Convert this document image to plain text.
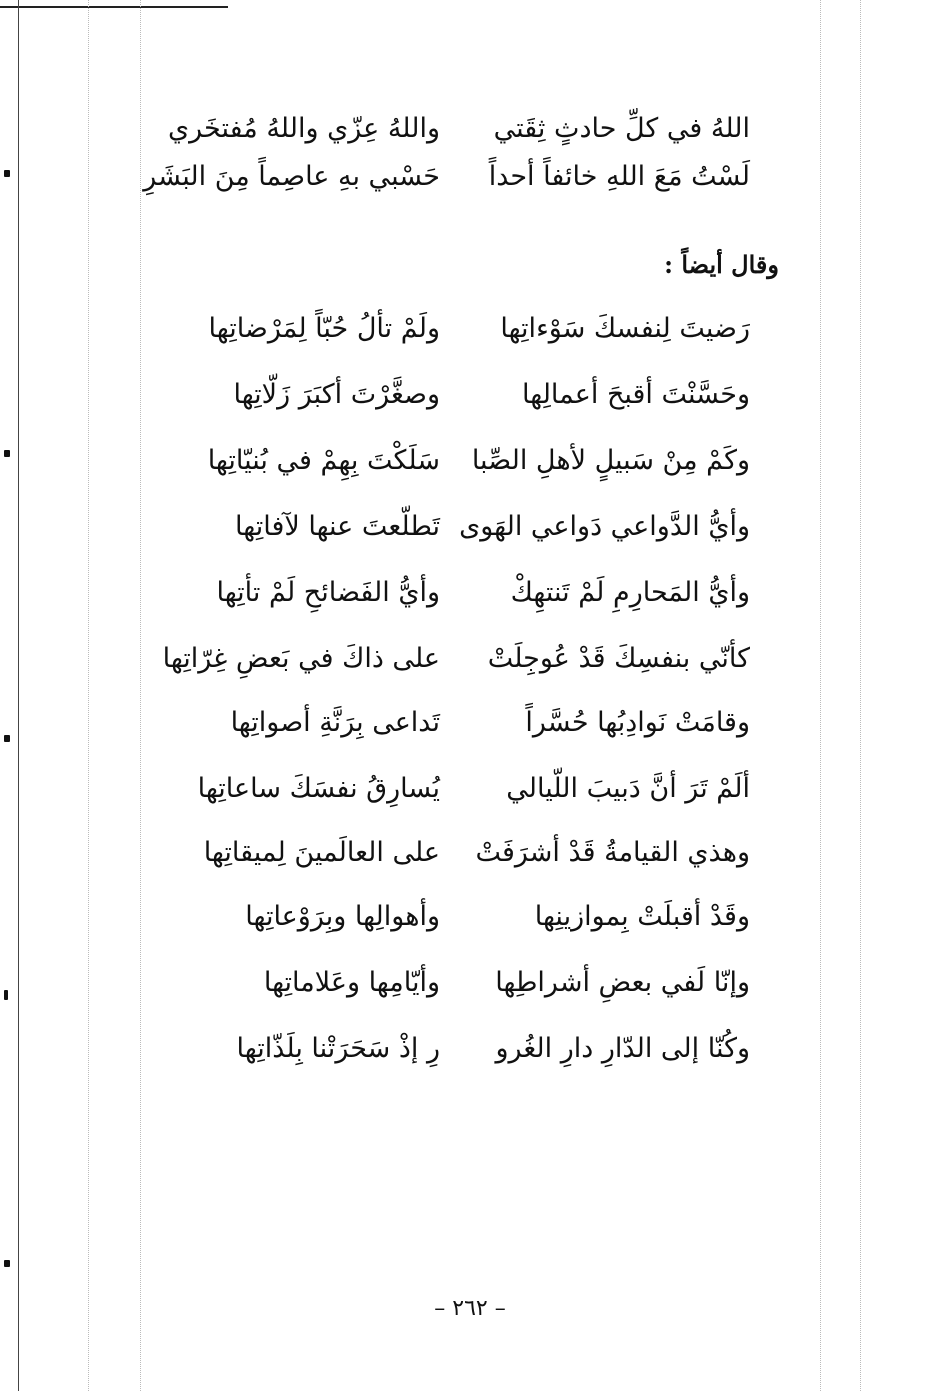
اللهُ في كلِّ حادثٍ ثِقَتي
واللهُ عِزّي واللهُ مُفتخَري
لَسْتُ مَعَ اللهِ خائفاً أحداً
حَسْبي بهِ عاصِماً مِنَ البَشَرِ
وقال أيضاً :
رَضيتَ لِنفسكَ سَوْءاتِها
ولَمْ تألُ حُبّاً لِمَرْضاتِها
وحَسَّنْتَ أقبحَ أعمالِها
وصغَّرْتَ أكبَرَ زَلّاتِها
وكَمْ مِنْ سَبيلٍ لأهلِ الصِّبا
سَلَكْتَ بِهِمْ في بُنيّاتِها
وأيُّ الدَّواعي دَواعي الهَوى
تَطلّعتَ عنها لآفاتِها
وأيُّ المَحارِمِ لَمْ تَنتهِكْ
وأيُّ الفَضائحِ لَمْ تأتِها
كأنّي بنفسِكَ قَدْ عُوجِلَتْ
على ذاكَ في بَعضِ غِرّاتِها
وقامَتْ نَوادِبُها حُسَّراً
تَداعى بِرَنَّةِ أصواتِها
ألَمْ تَرَ أنَّ دَبيبَ اللّيالي
يُسارِقُ نفسَكَ ساعاتِها
وهذي القيامةُ قَدْ أشرَفَتْ
على العالَمينَ لِميقاتِها
وقَدْ أقبلَتْ بِموازينِها
وأهوالِها وبِرَوْعاتِها
وإنّا لَفي بعضِ أشراطِها
وأيّامِها وعَلاماتِها
وكُنّا إلى الدّارِ دارِ الغُرو
رِ إذْ سَحَرَتْنا بِلَذّاتِها
– ٢٦٢ –
